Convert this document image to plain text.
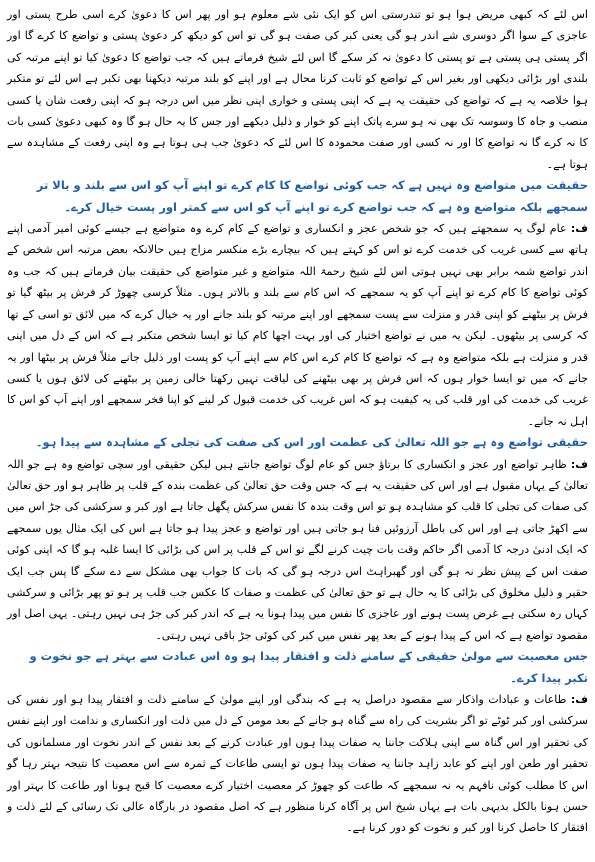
اس لئے کہ کبھی مریض ہوا ہو تو تندرستی اس کو ایک نئی شے معلوم ہو اور پھر اس کا دعویٰ کرے اسی طرح پستی اور عاجزی کے سوا اگر دوسری شے اندر ہو گی یعنی کبر کی صفت ہو گی تو اس کو دیکھ کر دعویٰ پستی و تواضع کا کرے گا اور اگر پستی ہی پستی ہے تو پستی کا دعویٰ نہ کر سکے گا اس لئے شیخ فرماتے ہیں کہ جب تواضع کا دعویٰ کیا تو اپنے مرتبہ کی بلندی اور بڑائی دیکھی اور بغیر اس کے تواضع کو ثابت کرنا محال ہے اور اپنے کو بلند مرتبہ دیکھنا بھی تکبر ہے اس لئے تو متکبر ہوا خلاصہ یہ ہے کہ تواضع کی حقیقت یہ ہے کہ اپنی پستی و خواری اپنی نظر میں اس درجہ ہو کہ اپنی رفعت شان یا کسی منصب و جاہ کا وسوسہ تک بھی نہ ہو سرے پاتک اپنے کو خوار و ذلیل دیکھے اور جس کا یہ حال ہو گا وہ کبھی دعویٰ کسی بات کا نہ کرے گا نہ تواضع کا اور نہ کسی اور صفت محمودہ کا اس لئے کہ دعویٰ جب ہی ہوتا ہے وہ اپنی رفعت کے مشاہدہ سے ہوتا ہے۔

حقیقت میں متواضع وہ نہیں ہے کہ جب کوئی تواضع کا کام کرے تو اپنے آپ کو اس سے بلند و بالا تر سمجھے بلکہ متواضع وہ ہے کہ جب تواضع کرے تو اپنے آپ کو اس سے کمتر اور پست خیال کرے۔

ف: عام لوگ یہ سمجھتے ہیں کہ جو شخص عجز و انکساری و تواضع کے کام کرے وہ متواضع ہے جیسے کوئی امیر آدمی اپنے ہاتھ سے کسی غریب کی خدمت کرے تو اس کو کہتے ہیں کہ بیچارے بڑے منکسر مزاج ہیں حالانکہ بعض مرتبہ اس شخص کے اندر تواضع شمہ برابر بھی نہیں ہوتی اس لئے شیخ رحمۃ اللہ متواضع و غیر متواضع کی حقیقت بیان فرماتے ہیں کہ جب وہ کوئی تواضع کا کام کرے تو اپنے آپ کو یہ سمجھے کہ اس کام سے بلند و بالاتر ہوں۔ مثلاً کرسی چھوڑ کر فرش پر بیٹھ گیا تو فرش پر بیٹھنے کو اپنی قدر و منزلت سے پست سمجھے اور اپنے مرتبہ کو بلند جانے اور یہ خیال کرے کہ میں لائق تو اسی کے تھا کہ کرسی پر بیٹھوں۔ لیکن یہ میں نے تواضع اختیار کی اور بہت اچھا کام کیا تو ایسا شخص متکبر ہے کہ اس کے دل میں اپنی قدر و منزلت ہے بلکہ متواضع وہ ہے کہ تواضع کا کام کرے اس کام سے اپنے آپ کو پست اور ذلیل جانے مثلاً فرش پر بیٹھا اور یہ جانے کہ میں تو ایسا خوار ہوں کہ اس فرش پر بھی بیٹھنے کی لیاقت نہیں رکھتا خالی زمین پر بیٹھنے کی لائق ہوں یا کسی غریب کی خدمت کی اور قلب کی یہ کیفیت ہو کہ اس غریب کی خدمت قبول کر لینے کو اپنا فخر سمجھے اور اپنے آپ کو اس کا اہل نہ جانے۔

حقیقی تواضع وہ ہے جو اللہ تعالیٰ کی عظمت اور اس کی صفت کی تجلی کے مشاہدہ سے پیدا ہو۔

ف: ظاہر تواضع اور عجز و انکساری کا برتاؤ جس کو عام لوگ تواضع جانتے ہیں لیکن حقیقی اور سچی تواضع وہ ہے جو اللہ تعالیٰ کے یہاں مقبول ہے اور اس کی حقیقت یہ ہے کہ جس وقت حق تعالیٰ کی عظمت بندہ کے قلب پر ظاہر ہو اور حق تعالیٰ کی صفات کی تجلی کا قلب کو مشاہدہ ہو تو اس وقت بندہ کا نفس سرکش پگھل جاتا ہے اور کبر و سرکشی کی جڑ اس میں سے اکھڑ جاتی ہے اور اس کی باطل آرزوئیں فنا ہو جاتی ہیں اور تواضع و عجز پیدا ہو جاتا ہے اس کی ایک مثال یوں سمجھے کہ ایک ادنیٰ درجہ کا آدمی اگر حاکم وقت بات چیت کرنے لگے تو اس کے قلب پر اس کی بڑائی کا ایسا غلبہ ہو گا کہ اپنی کوئی صفت اس کے پیش نظر نہ ہو گی اور گھبراہٹ اس درجہ ہو گی کہ بات کا جواب بھی مشکل سے دے سکے گا پس جب ایک حقیر و ذلیل مخلوق کی بڑائی کا یہ حال ہے تو حق تعالیٰ کی عظمت و صفات کا عکس جب قلب پر ہو تو پھر بڑائی و سرکشی کہاں رہ سکتی ہے غرض پست ہونے اور عاجزی کا نفس میں پیدا ہونا یہ ہے کہ اندر کبر کی جڑ ہی نہیں رہتی۔ یہی اصل اور مقصود تواضع ہے کہ اس کے پیدا ہونے کے بعد پھر نفس میں کبر کی کوئی جڑ باقی نہیں رہتی۔

جس معصیت سے مولیٰ حقیقی کے سامنے ذلت و افتقار پیدا ہو وہ اس عبادت سے بہتر ہے جو نخوت و تکبر پیدا کرے۔

ف: طاعات و عبادات واذکار سے مقصود دراصل یہ ہے کہ بندگی اور اپنے مولیٰ کے سامنے ذلت و افتقار پیدا ہو اور نفس کی سرکشی اور کبر ٹوٹے تو اگر بشریت کی راہ سے گناہ ہو جانے کے بعد مومن کے دل میں ذلت اور انکساری و ندامت اور اپنے نفس کی تحقیر اور اس گناہ سے اپنی ہلاکت جاننا یہ صفات پیدا ہوں اور عبادت کرنے کے بعد نفس کے اندر نخوت اور مسلمانوں کی تحقیر اور طعن اور اپنے کو عابد زاہد جاننا یہ صفات پیدا ہوں تو ایسی طاعات کے ثمرہ سے اس معصیت کا نتیجہ بہتر رہا گو اس کا مطلب کوئی نافہم یہ نہ سمجھے کہ طاعت کو چھوڑ کر معصیت اختیار کرے معصیت کا قبح ہونا اور طاعت کا بہتر اور حسن ہونا بالکل بدیہی بات ہے یہاں شیخ اس پر آگاہ کرنا منظور ہے کہ اصل مقصود در بارگاہ عالی تک رسائی کے لئے ذلت و افتقار کا حاصل کرنا اور کبر و نخوت کو دور کرنا ہے۔
